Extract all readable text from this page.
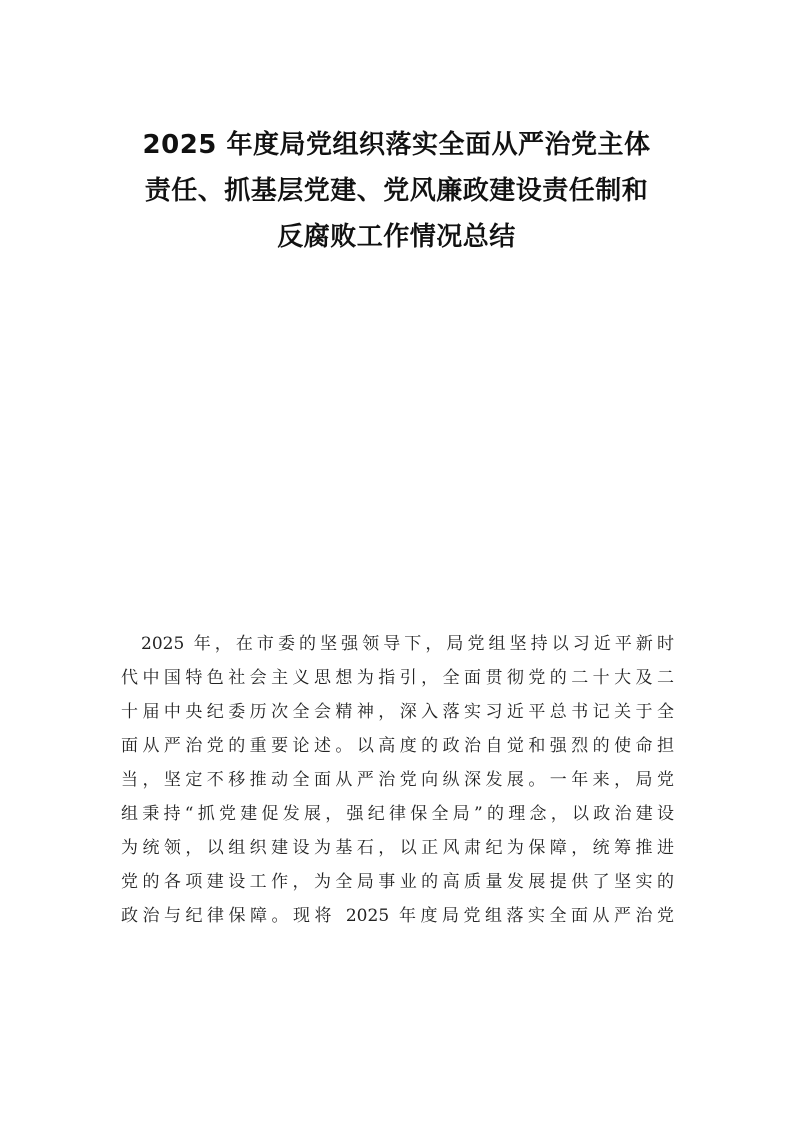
2025 年度局党组织落实全面从严治党主体
责任、抓基层党建、党风廉政建设责任制和
反腐败工作情况总结

2025 年，在市委的坚强领导下，局党组坚持以习近平新时
代中国特色社会主义思想为指引，全面贯彻党的二十大及二
十届中央纪委历次全会精神，深入落实习近平总书记关于全
面从严治党的重要论述。以高度的政治自觉和强烈的使命担
当，坚定不移推动全面从严治党向纵深发展。一年来，局党
组秉持“抓党建促发展，强纪律保全局”的理念，以政治建设
为统领，以组织建设为基石，以正风肃纪为保障，统筹推进
党的各项建设工作，为全局事业的高质量发展提供了坚实的
政治与纪律保障。现将 2025 年度局党组落实全面从严治党
